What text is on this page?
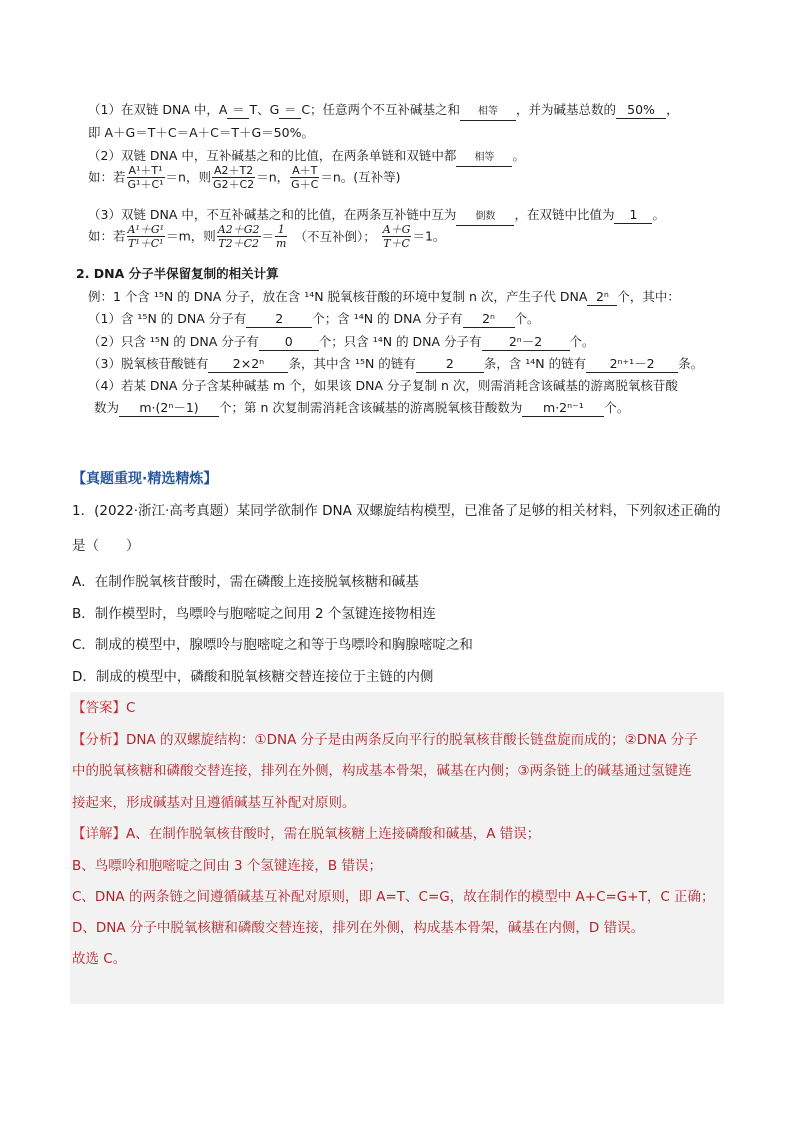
（1）在双链 DNA 中，A ＝ T、G ＝ C；任意两个不互补碱基之和 相等 ，并为碱基总数的 50% ，
即 A＋G＝T＋C＝A＋C＝T＋G＝50%。
（2）双链 DNA 中，互补碱基之和的比值，在两条单链和双链中都 相等 。
如：若 $\frac{\text{A¹＋T¹}}{\text{G¹＋C¹}} =n$，则 $\frac{A2+T2}{G2+C2} =n$， $\frac{A+T}{G+C} =n$。(互补等)
（3）双链 DNA 中，不互补碱基之和的比值，在两条互补链中互为 倒数 ，在双链中比值为 1 。
如：若 $\frac{\text{A¹＋G¹}}{\text{T¹＋C¹}} =m$，则 $\frac{A2+G2}{T2+C2} = \frac{1}{m}$ （不互补倒）； $\frac{A+G}{T+C} =1$。
2. DNA 分子半保留复制的相关计算
例：1 个含 ¹⁵N 的 DNA 分子，放在含 ¹⁴N 脱氧核苷酸的环境中复制 n 次，产生子代 DNA 2ⁿ 个，其中：
（1）含 ¹⁵N 的 DNA 分子有 2 个；含 ¹⁴N 的 DNA 分子有 2ⁿ 个。
（2）只含 ¹⁵N 的 DNA 分子有 0 个；只含 ¹⁴N 的 DNA 分子有 2ⁿ－2 个。
（3）脱氧核苷酸链有 2×2ⁿ 条，其中含 ¹⁵N 的链有 2 条，含 ¹⁴N 的链有 2ⁿ⁺¹－2 条。
（4）若某 DNA 分子含某种碱基 m 个，如果该 DNA 分子复制 n 次，则需消耗含该碱基的游离脱氧核苷酸
数为 m·(2ⁿ－1) 个；第 n 次复制需消耗含该碱基的游离脱氧核苷酸数为 m·2ⁿ⁻¹ 个。
【真题重现·精选精炼】
1．(2022·浙江·高考真题）某同学欲制作 DNA 双螺旋结构模型，已准备了足够的相关材料，下列叙述正确的
是（　　）
A．在制作脱氧核苷酸时，需在磷酸上连接脱氧核糖和碱基
B．制作模型时，鸟嘌呤与胞嘧啶之间用 2 个氢键连接物相连
C．制成的模型中，腺嘌呤与胞嘧啶之和等于鸟嘌呤和胸腺嘧啶之和
D．制成的模型中，磷酸和脱氧核糖交替连接位于主链的内侧
【答案】C
【分析】DNA 的双螺旋结构：①DNA 分子是由两条反向平行的脱氧核苷酸长链盘旋而成的；②DNA 分子
中的脱氧核糖和磷酸交替连接，排列在外侧，构成基本骨架，碱基在内侧；③两条链上的碱基通过氢键连
接起来，形成碱基对且遵循碱基互补配对原则。
【详解】A、在制作脱氧核苷酸时，需在脱氧核糖上连接磷酸和碱基，A 错误；
B、鸟嘌呤和胞嘧啶之间由 3 个氢键连接，B 错误；
C、DNA 的两条链之间遵循碱基互补配对原则，即 A=T、C=G，故在制作的模型中 A+C=G+T，C 正确；
D、DNA 分子中脱氧核糖和磷酸交替连接，排列在外侧，构成基本骨架，碱基在内侧，D 错误。
故选 C。
